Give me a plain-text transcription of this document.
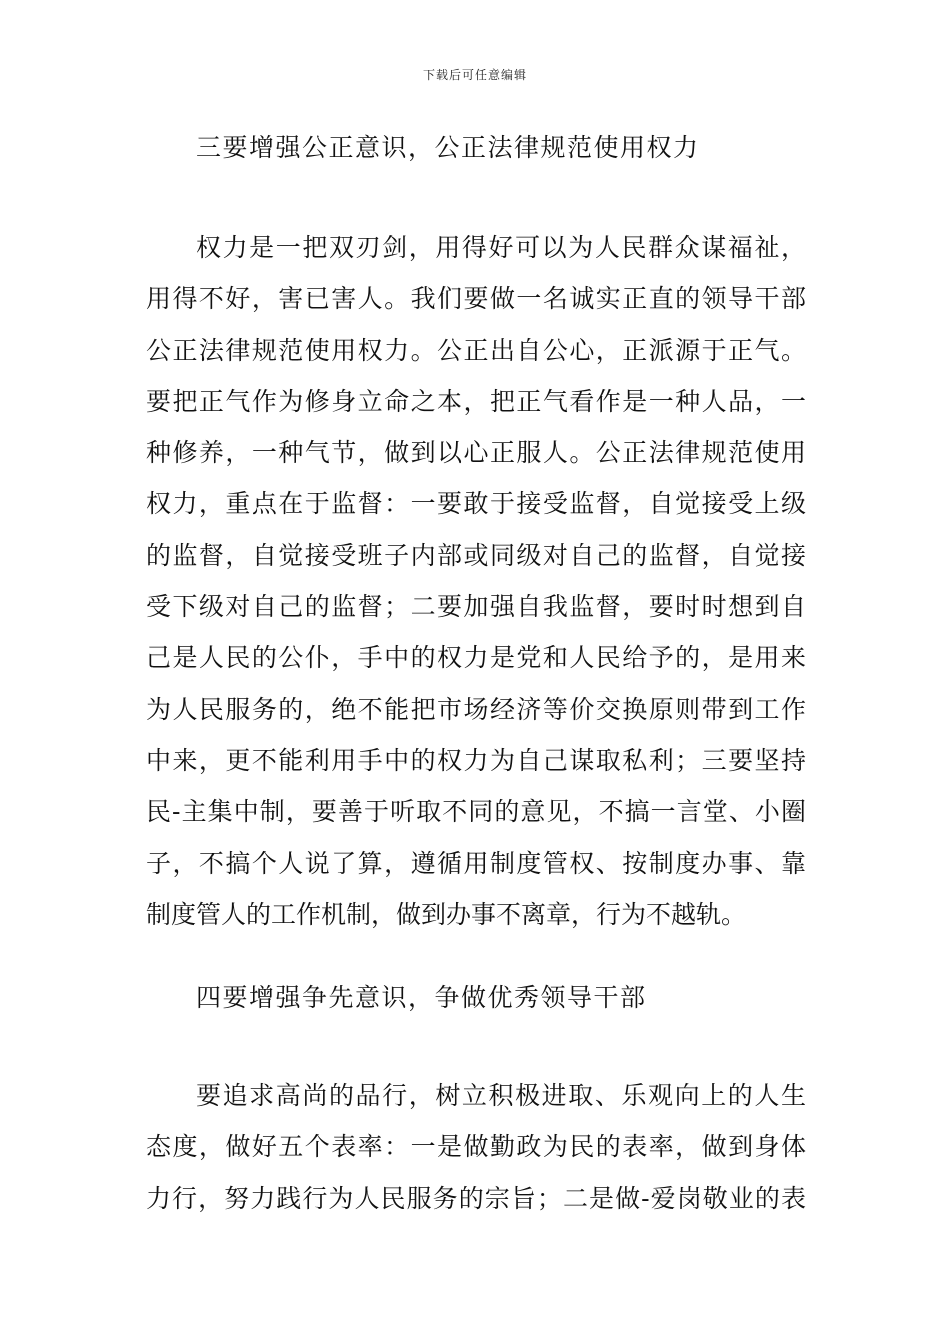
下载后可任意编辑
三要增强公正意识，公正法律规范使用权力
权力是一把双刃剑，用得好可以为人民群众谋福祉，
用得不好，害已害人。我们要做一名诚实正直的领导干部
公正法律规范使用权力。公正出自公心，正派源于正气。
要把正气作为修身立命之本，把正气看作是一种人品，一
种修养，一种气节，做到以心正服人。公正法律规范使用
权力，重点在于监督：一要敢于接受监督，自觉接受上级
的监督，自觉接受班子内部或同级对自己的监督，自觉接
受下级对自己的监督；二要加强自我监督，要时时想到自
己是人民的公仆，手中的权力是党和人民给予的，是用来
为人民服务的，绝不能把市场经济等价交换原则带到工作
中来，更不能利用手中的权力为自己谋取私利；三要坚持
民-主集中制，要善于听取不同的意见，不搞一言堂、小圈
子，不搞个人说了算，遵循用制度管权、按制度办事、靠
制度管人的工作机制，做到办事不离章，行为不越轨。
四要增强争先意识，争做优秀领导干部
要追求高尚的品行，树立积极进取、乐观向上的人生
态度，做好五个表率：一是做勤政为民的表率，做到身体
力行，努力践行为人民服务的宗旨；二是做-爱岗敬业的表
